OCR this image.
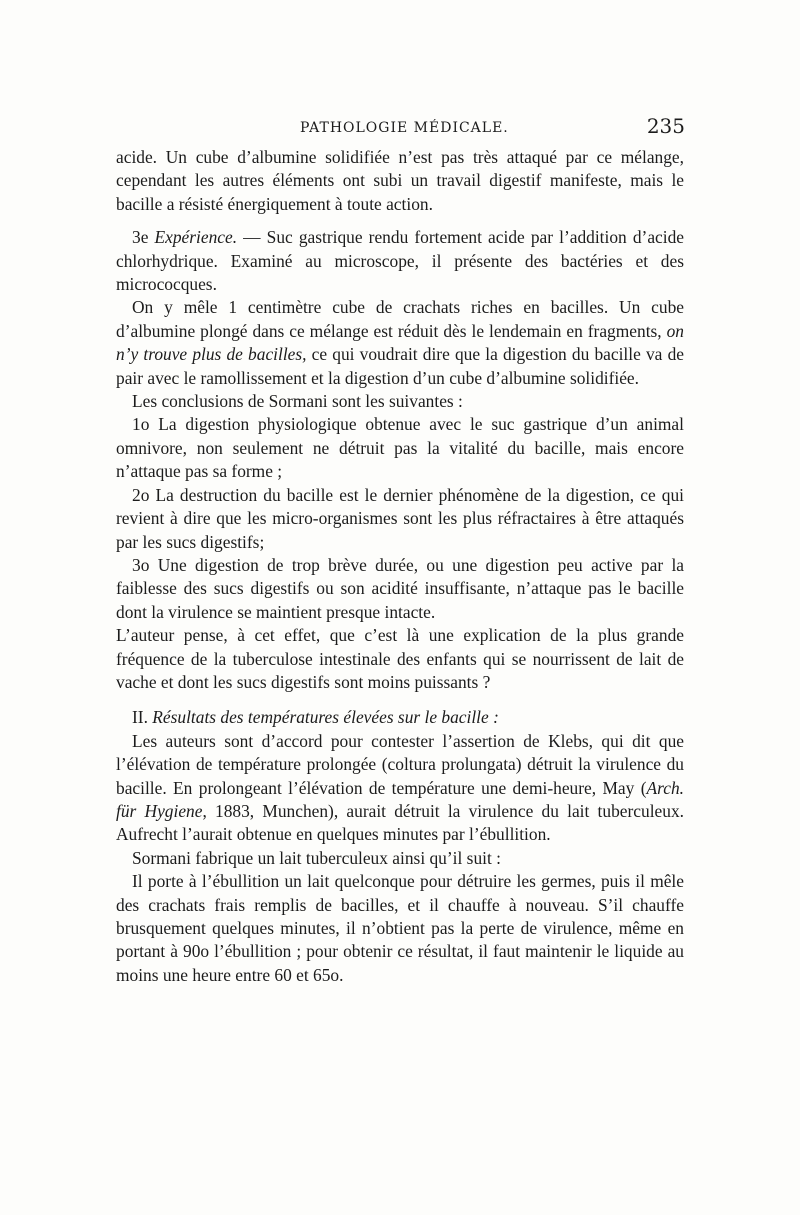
PATHOLOGIE MÉDICALE.	235

acide. Un cube d’albumine solidifiée n’est pas très attaqué par ce mélange, cependant les autres éléments ont subi un travail digestif manifeste, mais le bacille a résisté énergiquement à toute action.

3e Expérience. — Suc gastrique rendu fortement acide par l’addition d’acide chlorhydrique. Examiné au microscope, il présente des bactéries et des micrococques.

On y mêle 1 centimètre cube de crachats riches en bacilles. Un cube d’albumine plongé dans ce mélange est réduit dès le lendemain en fragments, on n’y trouve plus de bacilles, ce qui voudrait dire que la digestion du bacille va de pair avec le ramollissement et la digestion d’un cube d’albumine solidifiée.

Les conclusions de Sormani sont les suivantes :

1o La digestion physiologique obtenue avec le suc gastrique d’un animal omnivore, non seulement ne détruit pas la vitalité du bacille, mais encore n’attaque pas sa forme ;

2o La destruction du bacille est le dernier phénomène de la digestion, ce qui revient à dire que les micro-organismes sont les plus réfractaires à être attaqués par les sucs digestifs;

3o Une digestion de trop brève durée, ou une digestion peu active par la faiblesse des sucs digestifs ou son acidité insuffisante, n’attaque pas le bacille dont la virulence se maintient presque intacte.

L’auteur pense, à cet effet, que c’est là une explication de la plus grande fréquence de la tuberculose intestinale des enfants qui se nourrissent de lait de vache et dont les sucs digestifs sont moins puissants ?

II. Résultats des températures élevées sur le bacille :

Les auteurs sont d’accord pour contester l’assertion de Klebs, qui dit que l’élévation de température prolongée (coltura prolungata) détruit la virulence du bacille. En prolongeant l’élévation de température une demi-heure, May (Arch. für Hygiene, 1883, Munchen), aurait détruit la virulence du lait tuberculeux. Aufrecht l’aurait obtenue en quelques minutes par l’ébullition.

Sormani fabrique un lait tuberculeux ainsi qu’il suit :

Il porte à l’ébullition un lait quelconque pour détruire les germes, puis il mêle des crachats frais remplis de bacilles, et il chauffe à nouveau. S’il chauffe brusquement quelques minutes, il n’obtient pas la perte de virulence, même en portant à 90o l’ébullition ; pour obtenir ce résultat, il faut maintenir le liquide au moins une heure entre 60 et 65o.
